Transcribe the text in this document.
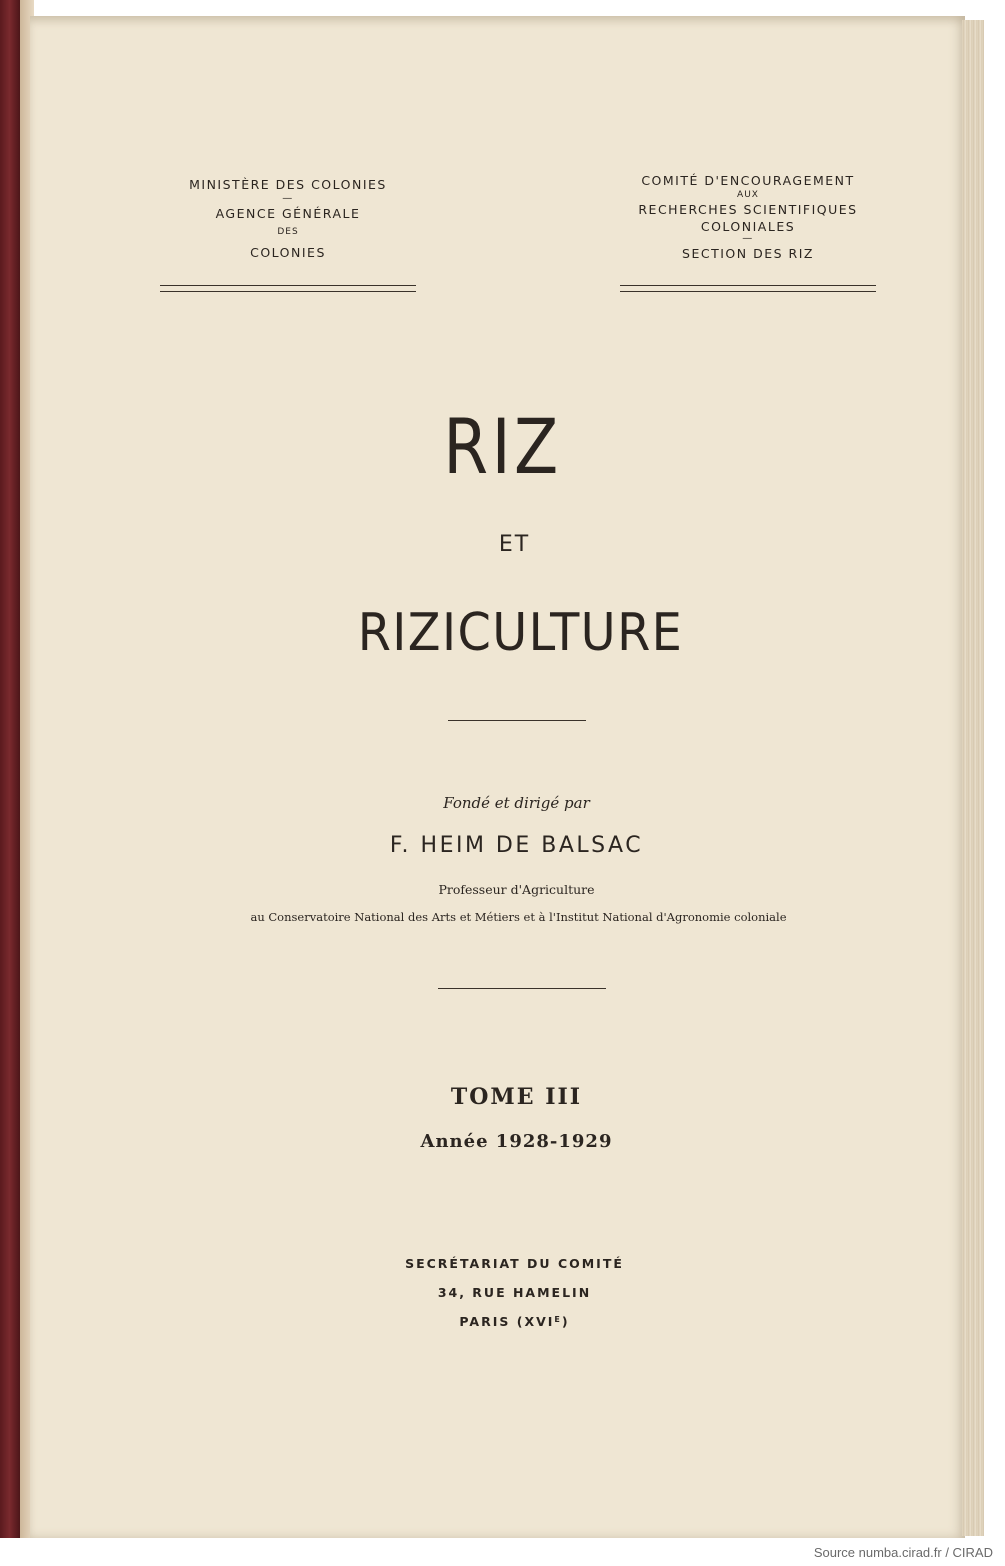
MINISTÈRE DES COLONIES
—
AGENCE GÉNÉRALE
DES
COLONIES
COMITÉ D'ENCOURAGEMENT
AUX
RECHERCHES SCIENTIFIQUES
COLONIALES
—
SECTION DES RIZ
RIZ
ET
RIZICULTURE
Fondé et dirigé par
F. HEIM DE BALSAC
Professeur d'Agriculture
au Conservatoire National des Arts et Métiers et à l'Institut National d'Agronomie coloniale
TOME III
Année 1928-1929
SECRÉTARIAT DU COMITÉ
34, RUE HAMELIN
PARIS $(XVI^E)$
Source numba.cirad.fr / CIRAD
